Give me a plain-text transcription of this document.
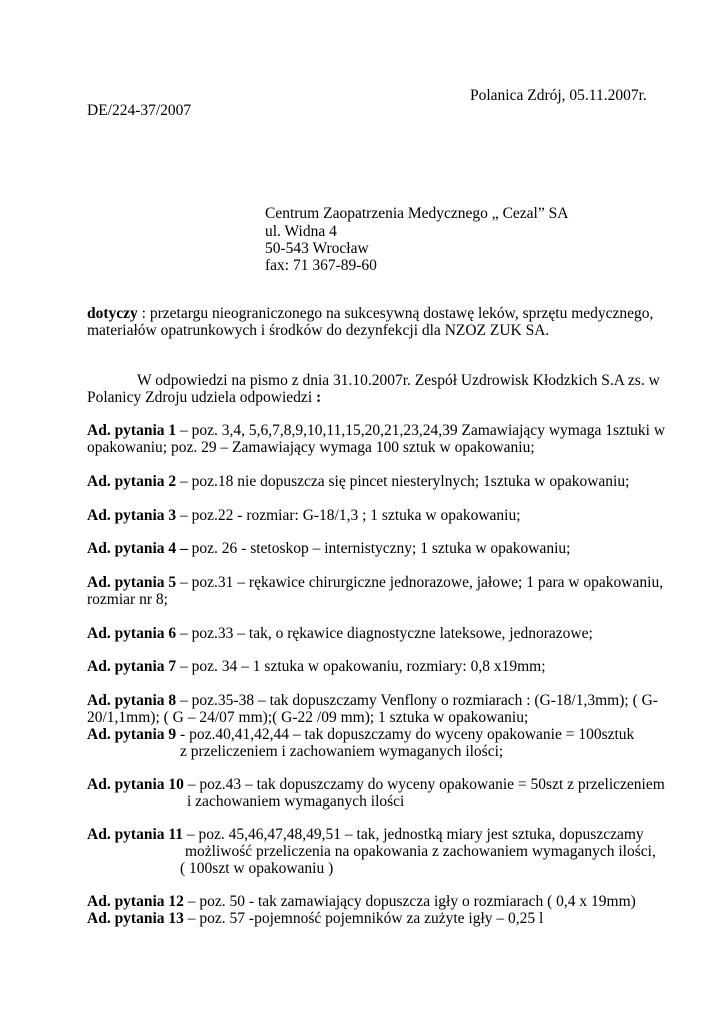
Polanica Zdrój, 05.11.2007r.

DE/224-37/2007

Centrum Zaopatrzenia Medycznego „ Cezal” SA

ul. Widna 4

50-543 Wrocław

fax: 71 367-89-60

dotyczy : przetargu nieograniczonego na sukcesywną dostawę leków, sprzętu medycznego,

materiałów opatrunkowych i środków do dezynfekcji dla NZOZ ZUK SA.

W odpowiedzi na pismo z dnia 31.10.2007r. Zespół Uzdrowisk Kłodzkich S.A zs. w

Polanicy Zdroju udziela odpowiedzi :

Ad. pytania 1 – poz. 3,4, 5,6,7,8,9,10,11,15,20,21,23,24,39 Zamawiający wymaga 1sztuki w

opakowaniu; poz. 29 – Zamawiający wymaga 100 sztuk w opakowaniu;

Ad. pytania 2 – poz.18 nie dopuszcza się pincet niesterylnych; 1sztuka w opakowaniu;

Ad. pytania 3 – poz.22 - rozmiar: G-18/1,3 ; 1 sztuka w opakowaniu;

Ad. pytania 4 – poz. 26 - stetoskop – internistyczny; 1 sztuka w opakowaniu;

Ad. pytania 5 – poz.31 – rękawice chirurgiczne jednorazowe, jałowe; 1 para w opakowaniu,

rozmiar nr 8;

Ad. pytania 6 – poz.33 – tak, o rękawice diagnostyczne lateksowe, jednorazowe;

Ad. pytania 7 – poz. 34 – 1 sztuka w opakowaniu, rozmiary: 0,8 x19mm;

Ad. pytania 8 – poz.35-38 – tak dopuszczamy Venflony o rozmiarach : (G-18/1,3mm); ( G-

20/1,1mm); ( G – 24/07 mm);( G-22 /09 mm); 1 sztuka w opakowaniu;

Ad. pytania 9 - poz.40,41,42,44 – tak dopuszczamy do wyceny opakowanie = 100sztuk

z przeliczeniem i zachowaniem wymaganych ilości;

Ad. pytania 10 – poz.43 – tak dopuszczamy do wyceny opakowanie = 50szt z przeliczeniem

i zachowaniem wymaganych ilości

Ad. pytania 11 – poz. 45,46,47,48,49,51 – tak, jednostką miary jest sztuka, dopuszczamy

możliwość przeliczenia na opakowania z zachowaniem wymaganych ilości,

( 100szt w opakowaniu )

Ad. pytania 12 – poz. 50 - tak zamawiający dopuszcza igły o rozmiarach ( 0,4 x 19mm)

Ad. pytania 13 – poz. 57 -pojemność pojemników za zużyte igły – 0,25 l
